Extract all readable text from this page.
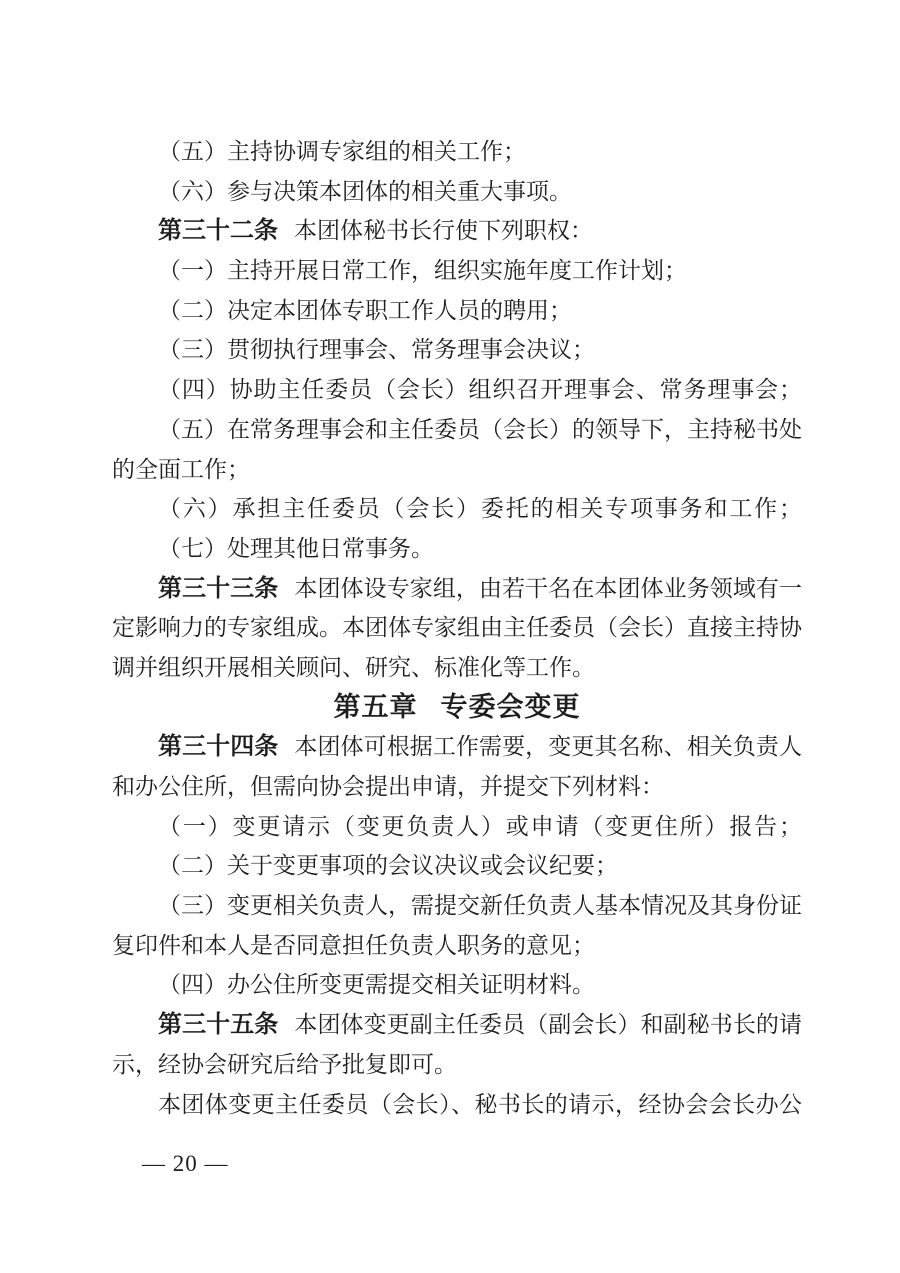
（五）主持协调专家组的相关工作；
（六）参与决策本团体的相关重大事项。
第三十二条 本团体秘书长行使下列职权：
（一）主持开展日常工作，组织实施年度工作计划；
（二）决定本团体专职工作人员的聘用；
（三）贯彻执行理事会、常务理事会决议；
（四）协助主任委员（会长）组织召开理事会、常务理事会；
（五）在常务理事会和主任委员（会长）的领导下，主持秘书处
的全面工作；
（六）承担主任委员（会长）委托的相关专项事务和工作；
（七）处理其他日常事务。
第三十三条 本团体设专家组，由若干名在本团体业务领域有一
定影响力的专家组成。本团体专家组由主任委员（会长）直接主持协
调并组织开展相关顾问、研究、标准化等工作。
第五章 专委会变更
第三十四条 本团体可根据工作需要，变更其名称、相关负责人
和办公住所，但需向协会提出申请，并提交下列材料：
（一）变更请示（变更负责人）或申请（变更住所）报告；
（二）关于变更事项的会议决议或会议纪要；
（三）变更相关负责人，需提交新任负责人基本情况及其身份证
复印件和本人是否同意担任负责人职务的意见；
（四）办公住所变更需提交相关证明材料。
第三十五条 本团体变更副主任委员（副会长）和副秘书长的请
示，经协会研究后给予批复即可。
本团体变更主任委员（会长）、秘书长的请示，经协会会长办公
— 20 —
